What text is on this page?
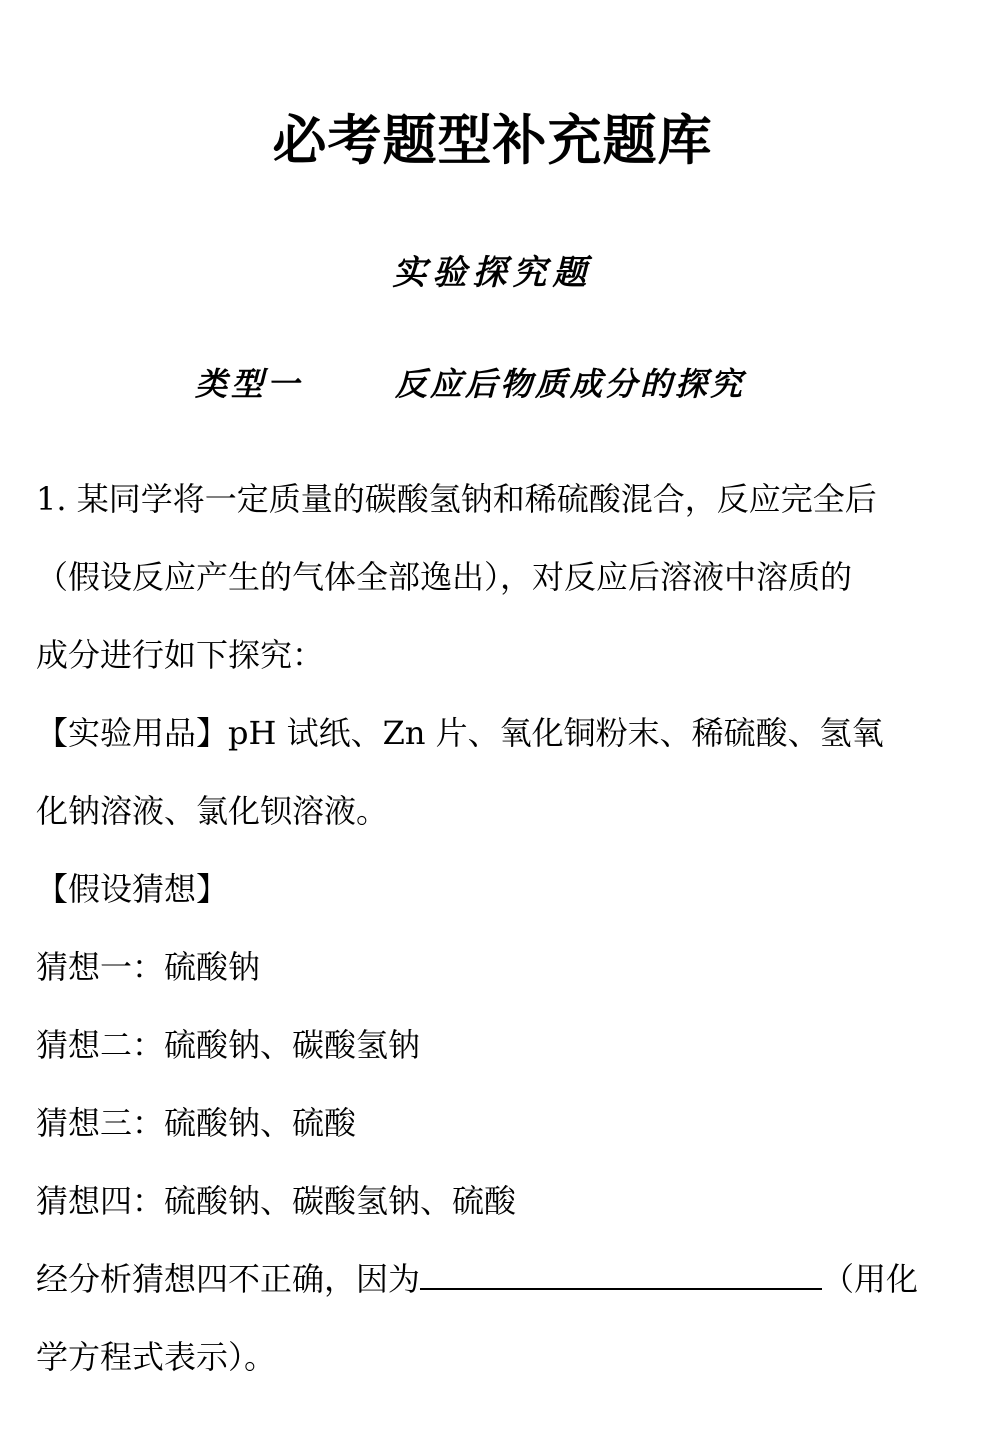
必考题型补充题库
实验探究题
类型一	反应后物质成分的探究
1. 某同学将一定质量的碳酸氢钠和稀硫酸混合，反应完全后
（假设反应产生的气体全部逸出），对反应后溶液中溶质的
成分进行如下探究：
【实验用品】pH 试纸、Zn 片、氧化铜粉末、稀硫酸、氢氧
化钠溶液、氯化钡溶液。
【假设猜想】
猜想一：硫酸钠
猜想二：硫酸钠、碳酸氢钠
猜想三：硫酸钠、硫酸
猜想四：硫酸钠、碳酸氢钠、硫酸
经分析猜想四不正确，因为	（用化
学方程式表示）。
